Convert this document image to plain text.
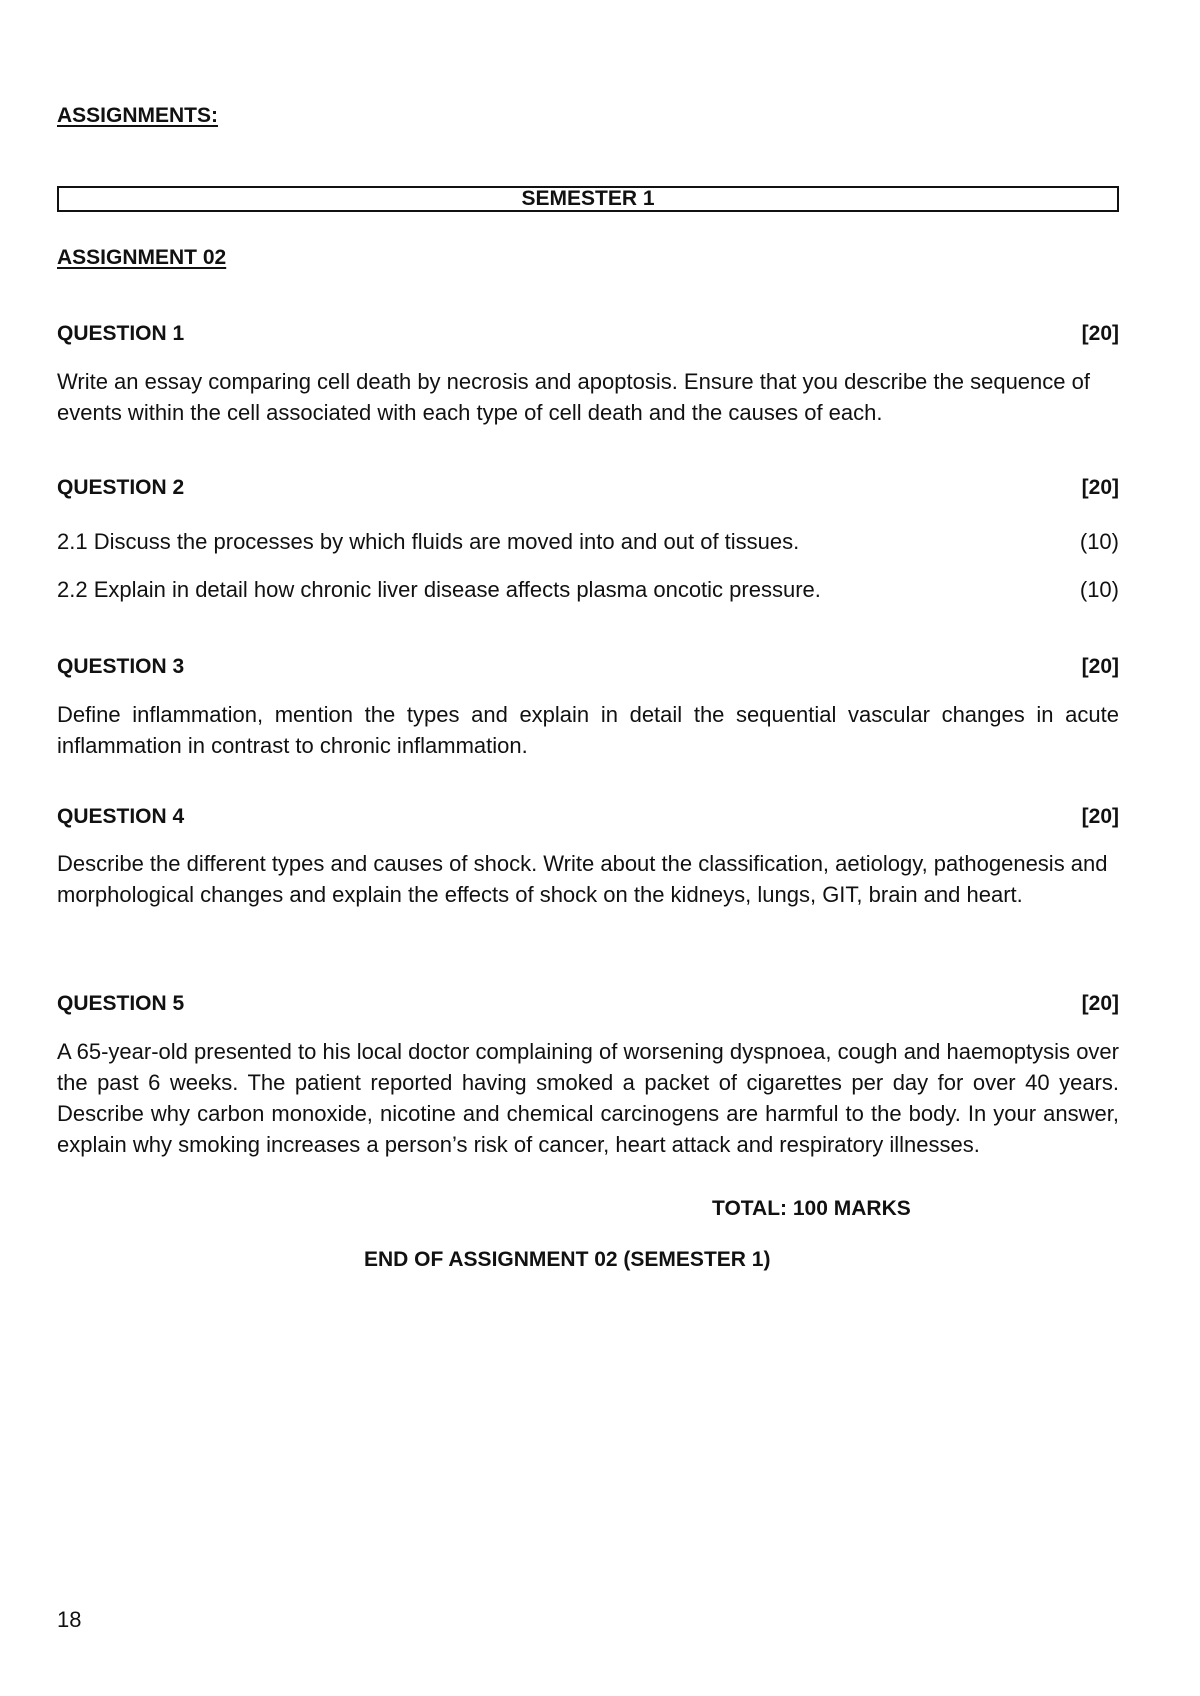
ASSIGNMENTS:
SEMESTER 1
ASSIGNMENT 02
QUESTION 1	[20]
Write an essay comparing cell death by necrosis and apoptosis. Ensure that you describe the sequence of events within the cell associated with each type of cell death and the causes of each.
QUESTION 2	[20]
2.1 Discuss the processes by which fluids are moved into and out of tissues.	(10)
2.2 Explain in detail how chronic liver disease affects plasma oncotic pressure.	(10)
QUESTION 3	[20]
Define inflammation, mention the types and explain in detail the sequential vascular changes in acute inflammation in contrast to chronic inflammation.
QUESTION 4	[20]
Describe the different types and causes of shock. Write about the classification, aetiology, pathogenesis and morphological changes and explain the effects of shock on the kidneys, lungs, GIT, brain and heart.
QUESTION 5	[20]
A 65-year-old presented to his local doctor complaining of worsening dyspnoea, cough and haemoptysis over the past 6 weeks. The patient reported having smoked a packet of cigarettes per day for over 40 years. Describe why carbon monoxide, nicotine and chemical carcinogens are harmful to the body. In your answer, explain why smoking increases a person’s risk of cancer, heart attack and respiratory illnesses.
TOTAL: 100 MARKS
END OF ASSIGNMENT 02 (SEMESTER 1)
18
